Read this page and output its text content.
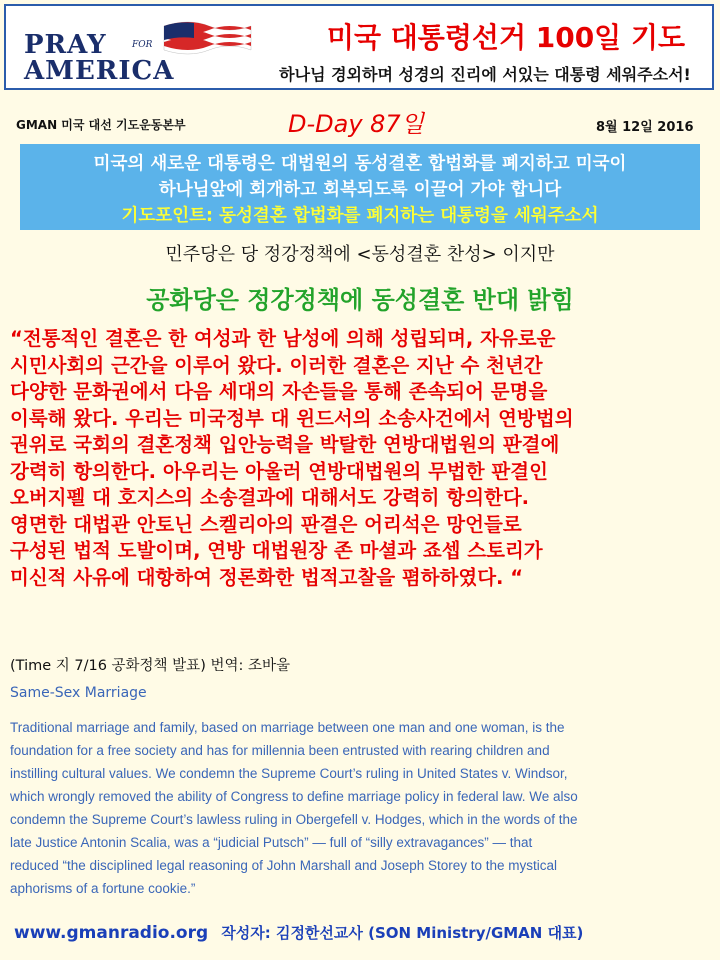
PRAY	FOR
AMERICA
미국 대통령선거 100일 기도
하나님 경외하며 성경의 진리에 서있는 대통령 세워주소서!
GMAN 미국 대선 기도운동본부	D-Day 87일	8월 12일 2016
미국의 새로운 대통령은 대법원의 동성결혼 합법화를 폐지하고 미국이
하나님앞에 회개하고 회복되도록 이끌어 가야 합니다
기도포인트: 동성결혼 합법화를 폐지하는 대통령을 세워주소서
민주당은 당 정강정책에 <동성결혼 찬성> 이지만
공화당은 정강정책에 동성결혼 반대 밝힘
“전통적인 결혼은 한 여성과 한 남성에 의해 성립되며, 자유로운
시민사회의 근간을 이루어 왔다. 이러한 결혼은 지난 수 천년간
다양한 문화권에서 다음 세대의 자손들을 통해 존속되어 문명을
이룩해 왔다. 우리는 미국정부 대 윈드서의 소송사건에서 연방법의
권위로 국회의 결혼정책 입안능력을 박탈한 연방대법원의 판결에
강력히 항의한다. 아우리는 아울러 연방대법원의 무법한 판결인
오버지펠 대 호지스의 소송결과에 대해서도 강력히 항의한다.
영면한 대법관 안토닌 스켈리아의 판결은 어리석은 망언들로
구성된 법적 도발이며, 연방 대법원장 존 마셜과 죠셉 스토리가
미신적 사유에 대항하여 정론화한 법적고찰을 폄하하였다. “
(Time 지 7/16 공화정책 발표) 번역: 조바울
Same-Sex Marriage
Traditional marriage and family, based on marriage between one man and one woman, is the
foundation for a free society and has for millennia been entrusted with rearing children and
instilling cultural values. We condemn the Supreme Court’s ruling in United States v. Windsor,
which wrongly removed the ability of Congress to define marriage policy in federal law. We also
condemn the Supreme Court’s lawless ruling in Obergefell v. Hodges, which in the words of the
late Justice Antonin Scalia, was a “judicial Putsch” — full of “silly extravagances” — that
reduced “the disciplined legal reasoning of John Marshall and Joseph Storey to the mystical
aphorisms of a fortune cookie.”
www.gmanradio.org 작성자: 김정한선교사 (SON Ministry/GMAN 대표)
